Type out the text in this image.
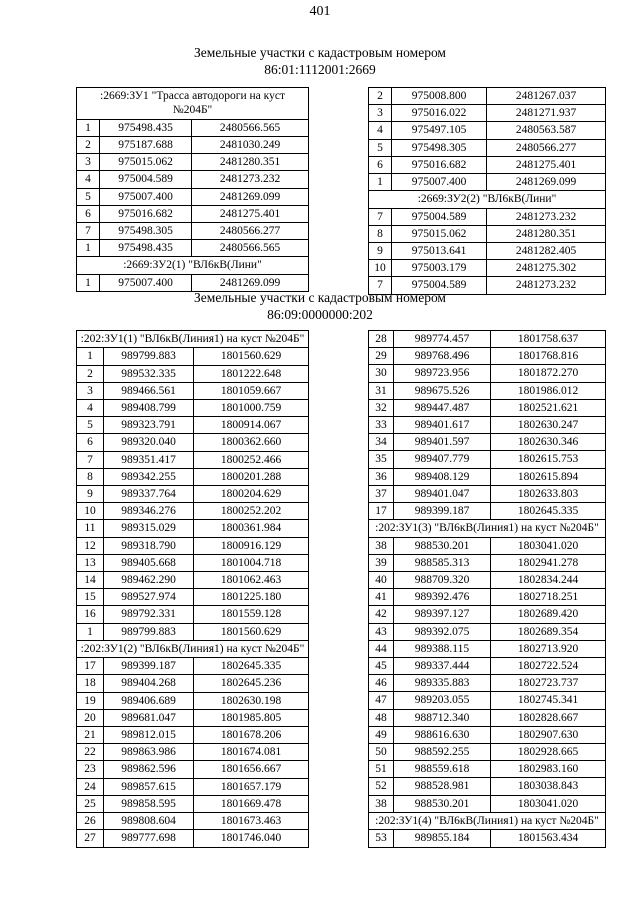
401
Земельные участки с кадастровым номером
86:01:1112001:2669
:2669:ЗУ1 "Трасса автодороги на куст №204Б"		
1	975498.435	2480566.565
2	975187.688	2481030.249
3	975015.062	2481280.351
4	975004.589	2481273.232
5	975007.400	2481269.099
6	975016.682	2481275.401
7	975498.305	2480566.277
1	975498.435	2480566.565
:2669:ЗУ2(1) "ВЛ6кВ(Лини"		
1	975007.400	2481269.099
2	975008.800	2481267.037
3	975016.022	2481271.937
4	975497.105	2480563.587
5	975498.305	2480566.277
6	975016.682	2481275.401
1	975007.400	2481269.099
:2669:ЗУ2(2) "ВЛ6кВ(Лини"		
7	975004.589	2481273.232
8	975015.062	2481280.351
9	975013.641	2481282.405
10	975003.179	2481275.302
7	975004.589	2481273.232
Земельные участки с кадастровым номером
86:09:0000000:202
:202:ЗУ1(1) "ВЛ6кВ(Линия1) на куст №204Б"		
1	989799.883	1801560.629
2	989532.335	1801222.648
3	989466.561	1801059.667
4	989408.799	1801000.759
5	989323.791	1800914.067
6	989320.040	1800362.660
7	989351.417	1800252.466
8	989342.255	1800201.288
9	989337.764	1800204.629
10	989346.276	1800252.202
11	989315.029	1800361.984
12	989318.790	1800916.129
13	989405.668	1801004.718
14	989462.290	1801062.463
15	989527.974	1801225.180
16	989792.331	1801559.128
1	989799.883	1801560.629
:202:ЗУ1(2) "ВЛ6кВ(Линия1) на куст №204Б"		
17	989399.187	1802645.335
18	989404.268	1802645.236
19	989406.689	1802630.198
20	989681.047	1801985.805
21	989812.015	1801678.206
22	989863.986	1801674.081
23	989862.596	1801656.667
24	989857.615	1801657.179
25	989858.595	1801669.478
26	989808.604	1801673.463
27	989777.698	1801746.040
28	989774.457	1801758.637
29	989768.496	1801768.816
30	989723.956	1801872.270
31	989675.526	1801986.012
32	989447.487	1802521.621
33	989401.617	1802630.247
34	989401.597	1802630.346
35	989407.779	1802615.753
36	989408.129	1802615.894
37	989401.047	1802633.803
17	989399.187	1802645.335
:202:ЗУ1(3) "ВЛ6кВ(Линия1) на куст №204Б"		
38	988530.201	1803041.020
39	988585.313	1802941.278
40	988709.320	1802834.244
41	989392.476	1802718.251
42	989397.127	1802689.420
43	989392.075	1802689.354
44	989388.115	1802713.920
45	989337.444	1802722.524
46	989335.883	1802723.737
47	989203.055	1802745.341
48	988712.340	1802828.667
49	988616.630	1802907.630
50	988592.255	1802928.665
51	988559.618	1802983.160
52	988528.981	1803038.843
38	988530.201	1803041.020
:202:ЗУ1(4) "ВЛ6кВ(Линия1) на куст №204Б"		
53	989855.184	1801563.434
